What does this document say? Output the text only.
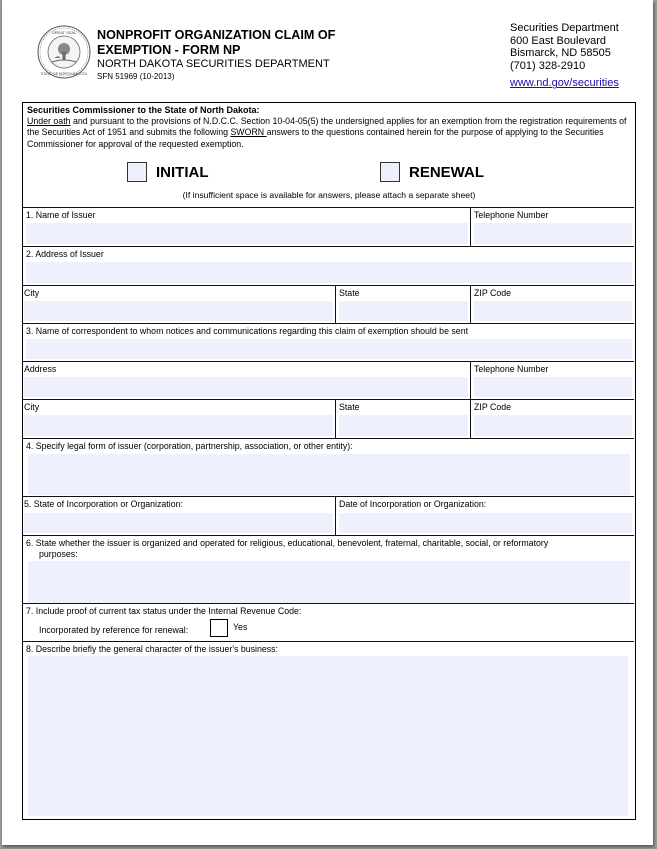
GREAT SEAL
STATE OF NORTH DAKOTA
NONPROFIT ORGANIZATION CLAIM OF EXEMPTION - FORM NP
NORTH DAKOTA SECURITIES DEPARTMENT
SFN 51969 (10-2013)
Securities Department
600 East Boulevard
Bismarck, ND 58505
(701) 328-2910
www.nd.gov/securities
Securities Commissioner to the State of North Dakota:
Under oath and pursuant to the provisions of N.D.C.C. Section 10-04-05(5) the undersigned applies for an exemption from the registration requirements of the Securities Act of 1951 and submits the following SWORN answers to the questions contained herein for the purpose of applying to the Securities Commissioner for approval of the requested exemption.
INITIAL	RENEWAL
(If insufficient space is available for answers, please attach a separate sheet)
1. Name of Issuer	Telephone Number
2. Address of Issuer
City	State	ZIP Code
3. Name of correspondent to whom notices and communications regarding this claim of exemption should be sent
Address	Telephone Number
City	State	ZIP Code
4. Specify legal form of issuer (corporation, partnership, association, or other entity):
5. State of Incorporation or Organization:	Date of Incorporation or Organization:
6. State whether the issuer is organized and operated for religious, educational, benevolent, fraternal, charitable, social, or reformatory
purposes:
7. Include proof of current tax status under the Internal Revenue Code:
Incorporated by reference for renewal:	Yes
8. Describe briefly the general character of the issuer's business:
